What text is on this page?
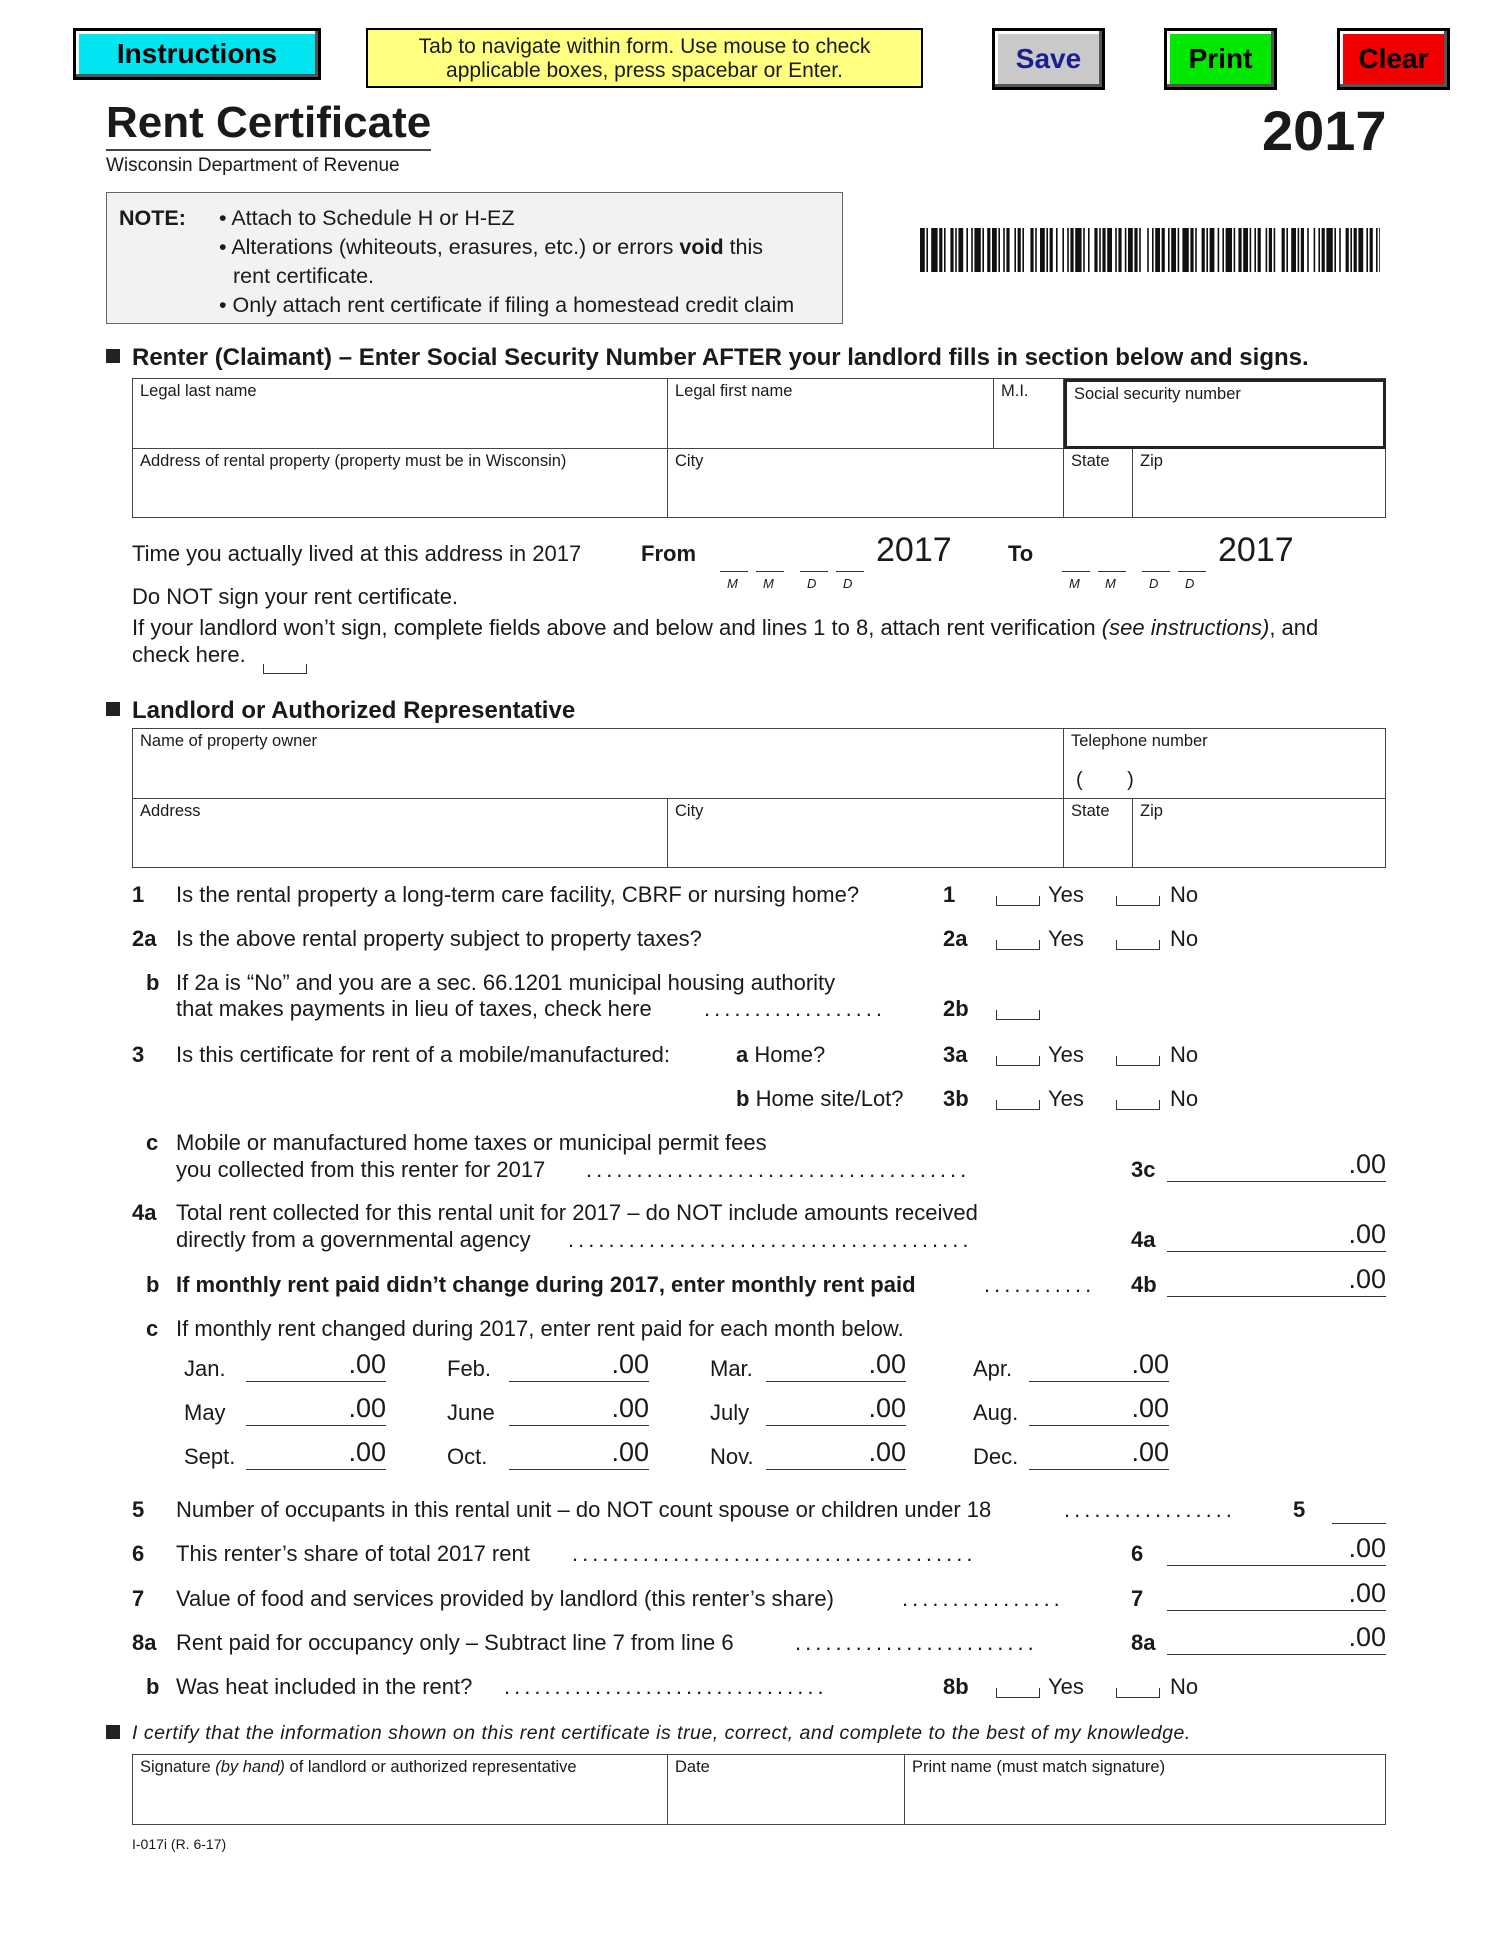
Instructions	Tab to navigate within form. Use mouse to check
applicable boxes, press spacebar or Enter.	Save	Print	Clear
Rent Certificate
Wisconsin Department of Revenue
2017
NOTE: • Attach to Schedule H or H-EZ
• Alterations (whiteouts, erasures, etc.) or errors void this
rent certificate.
• Only attach rent certificate if filing a homestead credit claim
Renter (Claimant) – Enter Social Security Number AFTER your landlord fills in section below and signs.
Legal last name	Legal first name	M.I.	Social security number
Address of rental property (property must be in Wisconsin)	City	State	Zip
Time you actually lived at this address in 2017	From
M M D D
2017	To
M M D D
2017
Do NOT sign your rent certificate.
If your landlord won’t sign, complete fields above and below and lines 1 to 8, attach rent verification (see instructions), and
check here.
Landlord or Authorized Representative
Name of property owner	Telephone number
(        )
Address	City	State	Zip
1 Is the rental property a long-term care facility, CBRF or nursing home?	1	Yes	No
2a Is the above rental property subject to property taxes?	2a	Yes	No
b If 2a is “No” and you are a sec. 66.1201 municipal housing authority
that makes payments in lieu of taxes, check here ..................	2b
3 Is this certificate for rent of a mobile/manufactured:	a Home?
b Home site/Lot?
3a	Yes	No
3b	Yes	No
c Mobile or manufactured home taxes or municipal permit fees
you collected from this renter for 2017 ......................................	3c	.00
4a Total rent collected for this rental unit for 2017 – do NOT include amounts received
directly from a governmental agency ........................................	4a	.00
b If monthly rent paid didn’t change during 2017, enter monthly rent paid	........... 4b	.00
c If monthly rent changed during 2017, enter rent paid for each month below.
Jan.	.00	Feb.	.00	Mar.	.00	Apr.	.00
May	.00	June	.00	July	.00	Aug.	.00
Sept.	.00	Oct.	.00	Nov.	.00	Dec.	.00
5 Number of occupants in this rental unit – do NOT count spouse or children under 18	.................	5
6 This renter’s share of total 2017 rent ........................................	6	.00
7 Value of food and services provided by landlord (this renter’s share)	................	7	.00
8a Rent paid for occupancy only – Subtract line 7 from line 6	........................	8a	.00
b Was heat included in the rent? ................................	8b	Yes	No
I certify that the information shown on this rent certificate is true, correct, and complete to the best of my knowledge.
Signature (by hand) of landlord or authorized representative	Date	Print name (must match signature)
I-017i (R. 6-17)
